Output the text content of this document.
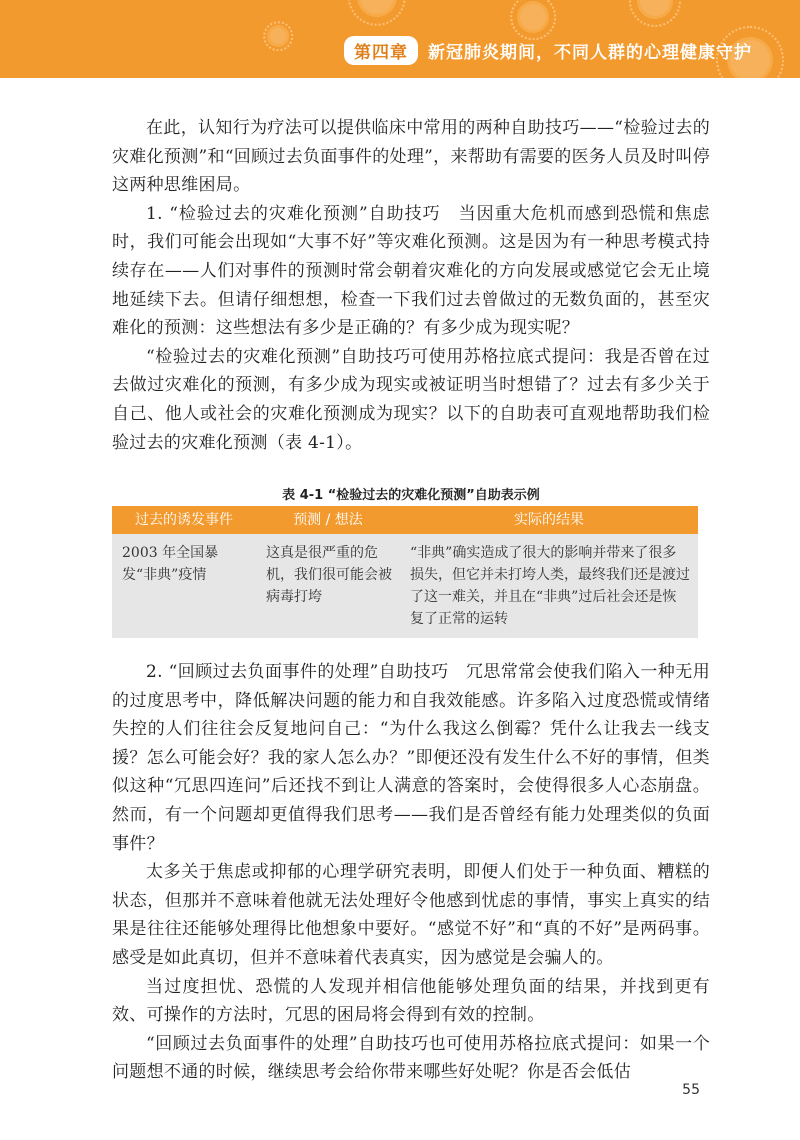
第四章	新冠肺炎期间，不同人群的心理健康守护

在此，认知行为疗法可以提供临床中常用的两种自助技巧——“检验过去的灾难化预测”和“回顾过去负面事件的处理”，来帮助有需要的医务人员及时叫停这两种思维困局。

1. “检验过去的灾难化预测”自助技巧　当因重大危机而感到恐慌和焦虑时，我们可能会出现如“大事不好”等灾难化预测。这是因为有一种思考模式持续存在——人们对事件的预测时常会朝着灾难化的方向发展或感觉它会无止境地延续下去。但请仔细想想，检查一下我们过去曾做过的无数负面的，甚至灾难化的预测：这些想法有多少是正确的？有多少成为现实呢？

“检验过去的灾难化预测”自助技巧可使用苏格拉底式提问：我是否曾在过去做过灾难化的预测，有多少成为现实或被证明当时想错了？过去有多少关于自己、他人或社会的灾难化预测成为现实？以下的自助表可直观地帮助我们检验过去的灾难化预测（表 4-1）。

表 4-1 “检验过去的灾难化预测”自助表示例
过去的诱发事件	预测 / 想法	实际的结果
2003 年全国暴发“非典”疫情	这真是很严重的危机，我们很可能会被病毒打垮	“非典”确实造成了很大的影响并带来了很多损失，但它并未打垮人类，最终我们还是渡过了这一难关，并且在“非典”过后社会还是恢复了正常的运转

2. “回顾过去负面事件的处理”自助技巧　冗思常常会使我们陷入一种无用的过度思考中，降低解决问题的能力和自我效能感。许多陷入过度恐慌或情绪失控的人们往往会反复地问自己：“为什么我这么倒霉？凭什么让我去一线支援？怎么可能会好？我的家人怎么办？”即便还没有发生什么不好的事情，但类似这种“冗思四连问”后还找不到让人满意的答案时，会使得很多人心态崩盘。然而，有一个问题却更值得我们思考——我们是否曾经有能力处理类似的负面事件？

太多关于焦虑或抑郁的心理学研究表明，即便人们处于一种负面、糟糕的状态，但那并不意味着他就无法处理好令他感到忧虑的事情，事实上真实的结果是往往还能够处理得比他想象中要好。“感觉不好”和“真的不好”是两码事。感受是如此真切，但并不意味着代表真实，因为感觉是会骗人的。

当过度担忧、恐慌的人发现并相信他能够处理负面的结果，并找到更有效、可操作的方法时，冗思的困局将会得到有效的控制。

“回顾过去负面事件的处理”自助技巧也可使用苏格拉底式提问：如果一个问题想不通的时候，继续思考会给你带来哪些好处呢？你是否会低估

55
